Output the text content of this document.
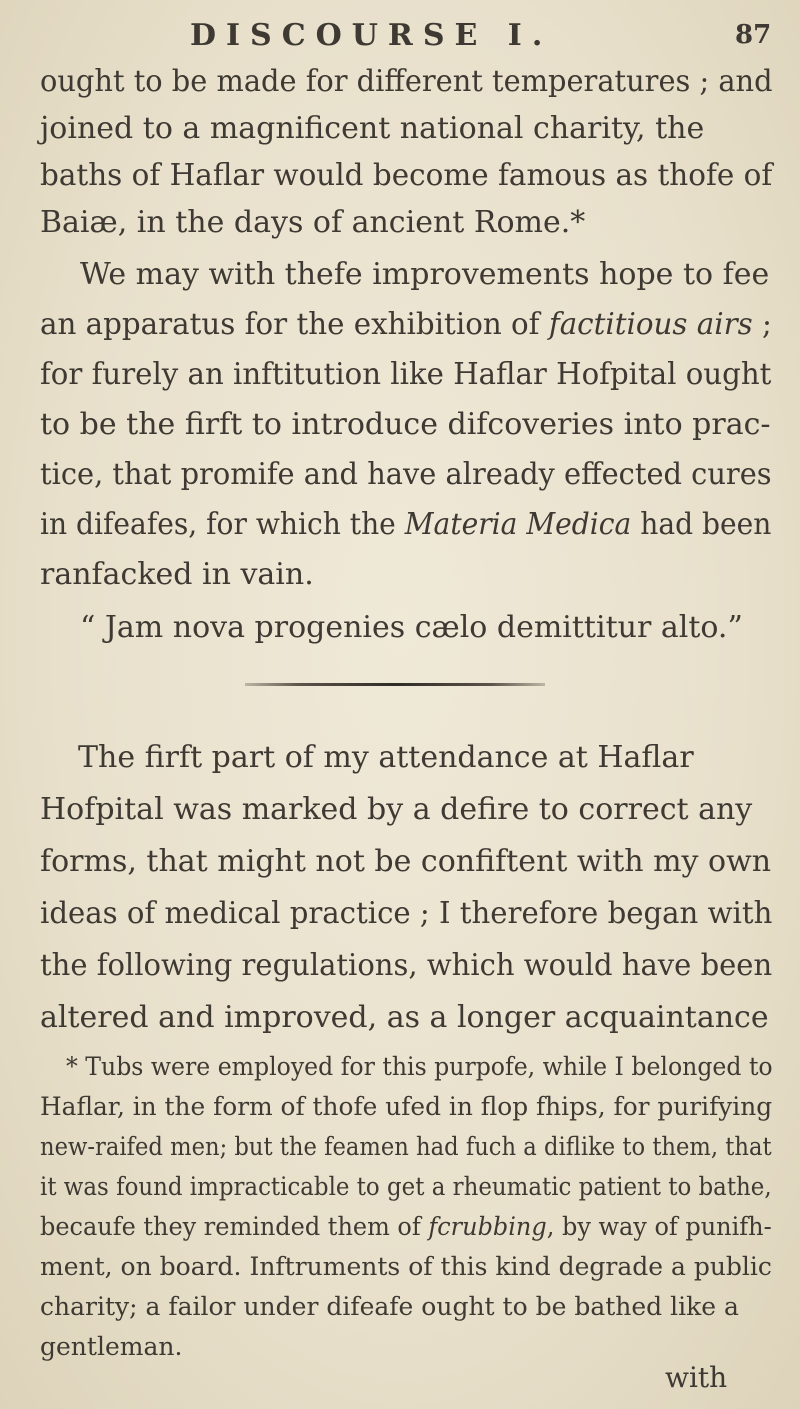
DISCOURSE I.	87
ought to be made for different temperatures ; and
joined to a magnificent national charity, the
baths of Haflar would become famous as thofe of
Baiæ, in the days of ancient Rome.*
We may with thefe improvements hope to fee
an apparatus for the exhibition of factitious airs ;
for furely an inftitution like Haflar Hofpital ought
to be the firft to introduce difcoveries into prac-
tice, that promife and have already effected cures
in difeafes, for which the Materia Medica had been
ranfacked in vain.
“ Jam nova progenies cælo demittitur alto.”
The firft part of my attendance at Haflar
Hofpital was marked by a defire to correct any
forms, that might not be confiftent with my own
ideas of medical practice ; I therefore began with
the following regulations, which would have been
altered and improved, as a longer acquaintance
* Tubs were employed for this purpofe, while I belonged to
Haflar, in the form of thofe ufed in flop fhips, for purifying
new-raifed men; but the feamen had fuch a diflike to them, that
it was found impracticable to get a rheumatic patient to bathe,
becaufe they reminded them of fcrubbing, by way of punifh-
ment, on board. Inftruments of this kind degrade a public
charity; a failor under difeafe ought to be bathed like a
gentleman.
with
